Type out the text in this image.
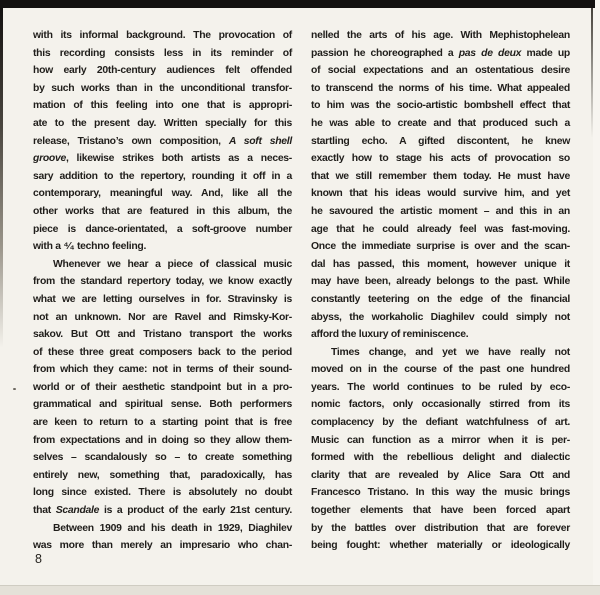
with its informal background. The provocation of
this recording consists less in its reminder of
how early 20th-century audiences felt offended
by such works than in the unconditional transfor-
mation of this feeling into one that is appropri-
ate to the present day. Written specially for this
release, Tristano’s own composition, A soft shell
groove, likewise strikes both artists as a neces-
sary addition to the repertory, rounding it off in a
contemporary, meaningful way. And, like all the
other works that are featured in this album, the
piece is dance-orientated, a soft-groove number
with a ⁴⁄₄ techno feeling.
Whenever we hear a piece of classical music
from the standard repertory today, we know exactly
what we are letting ourselves in for. Stravinsky is
not an unknown. Nor are Ravel and Rimsky-Kor-
sakov. But Ott and Tristano transport the works
of these three great composers back to the period
from which they came: not in terms of their sound-
world or of their aesthetic standpoint but in a pro-
grammatical and spiritual sense. Both performers
are keen to return to a starting point that is free
from expectations and in doing so they allow them-
selves – scandalously so – to create something
entirely new, something that, paradoxically, has
long since existed. There is absolutely no doubt
that Scandale is a product of the early 21st century.
Between 1909 and his death in 1929, Diaghilev
was more than merely an impresario who chan-
nelled the arts of his age. With Mephistophelean
passion he choreographed a pas de deux made up
of social expectations and an ostentatious desire
to transcend the norms of his time. What appealed
to him was the socio-artistic bombshell effect that
he was able to create and that produced such a
startling echo. A gifted discontent, he knew
exactly how to stage his acts of provocation so
that we still remember them today. He must have
known that his ideas would survive him, and yet
he savoured the artistic moment – and this in an
age that he could already feel was fast-moving.
Once the immediate surprise is over and the scan-
dal has passed, this moment, however unique it
may have been, already belongs to the past. While
constantly teetering on the edge of the financial
abyss, the workaholic Diaghilev could simply not
afford the luxury of reminiscence.
Times change, and yet we have really not
moved on in the course of the past one hundred
years. The world continues to be ruled by eco-
nomic factors, only occasionally stirred from its
complacency by the defiant watchfulness of art.
Music can function as a mirror when it is per-
formed with the rebellious delight and dialectic
clarity that are revealed by Alice Sara Ott and
Francesco Tristano. In this way the music brings
together elements that have been forced apart
by the battles over distribution that are forever
being fought: whether materially or ideologically
8
